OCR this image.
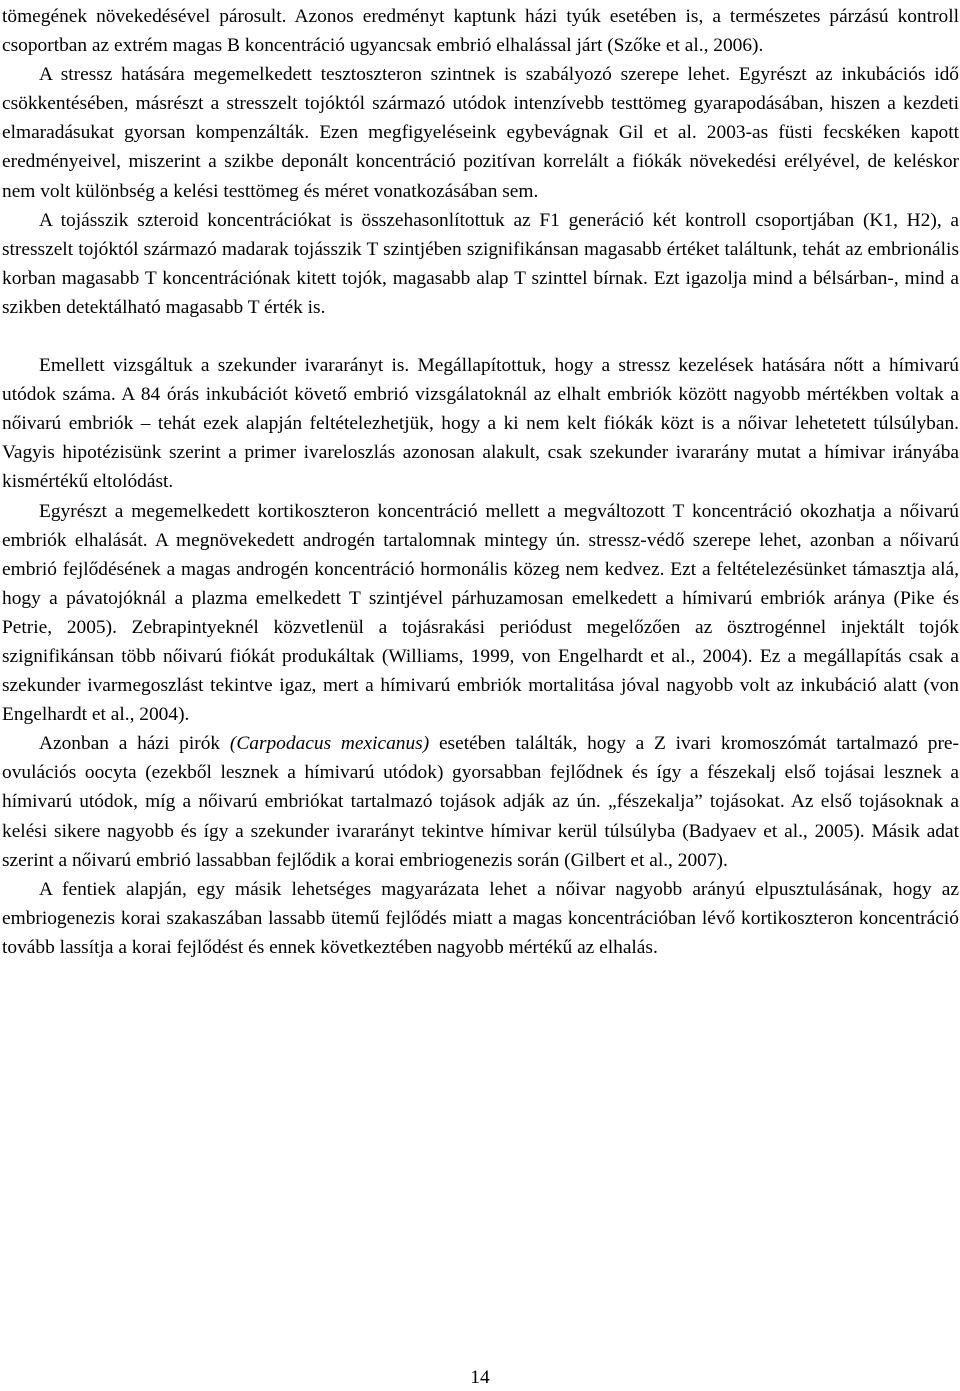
tömegének növekedésével párosult. Azonos eredményt kaptunk házi tyúk esetében is, a természetes párzású kontroll csoportban az extrém magas B koncentráció ugyancsak embrió elhalással járt (Szőke et al., 2006).

A stressz hatására megemelkedett tesztoszteron szintnek is szabályozó szerepe lehet. Egyrészt az inkubációs idő csökkentésében, másrészt a stresszelt tojóktól származó utódok intenzívebb testtömeg gyarapodásában, hiszen a kezdeti elmaradásukat gyorsan kompenzálták. Ezen megfigyeléseink egybevágnak Gil et al. 2003-as füsti fecskéken kapott eredményeivel, miszerint a szikbe deponált koncentráció pozitívan korrelált a fiókák növekedési erélyével, de keléskor nem volt különbség a kelési testtömeg és méret vonatkozásában sem.
A tojásszik szteroid koncentrációkat is összehasonlítottuk az F1 generáció két kontroll csoportjában (K1, H2), a stresszelt tojóktól származó madarak tojásszik T szintjében szignifikánsan magasabb értéket találtunk, tehát az embrionális korban magasabb T koncentrációnak kitett tojók, magasabb alap T szinttel bírnak. Ezt igazolja mind a bélsárban-, mind a szikben detektálható magasabb T érték is.

Emellett vizsgáltuk a szekunder ivararányt is. Megállapítottuk, hogy a stressz kezelések hatására nőtt a hímivarú utódok száma. A 84 órás inkubációt követő embrió vizsgálatoknál az elhalt embriók között nagyobb mértékben voltak a nőivarú embriók – tehát ezek alapján feltételezhetjük, hogy a ki nem kelt fiókák közt is a nőivar lehetetett túlsúlyban. Vagyis hipotézisünk szerint a primer ivareloszlás azonosan alakult, csak szekunder ivararány mutat a hímivar irányába kismértékű eltolódást.

Egyrészt a megemelkedett kortikoszteron koncentráció mellett a megváltozott T koncentráció okozhatja a nőivarú embriók elhalását. A megnövekedett androgén tartalomnak mintegy ún. stressz-védő szerepe lehet, azonban a nőivarú embrió fejlődésének a magas androgén koncentráció hormonális közeg nem kedvez. Ezt a feltételezésünket támasztja alá, hogy a pávatojóknál a plazma emelkedett T szintjével párhuzamosan emelkedett a hímivarú embriók aránya (Pike és Petrie, 2005). Zebrapintyeknél közvetlenül a tojásrakási periódust megelőzően az ösztrogénnel injektált tojók szignifikánsan több nőivarú fiókát produkáltak (Williams, 1999, von Engelhardt et al., 2004). Ez a megállapítás csak a szekunder ivarmegoszlást tekintve igaz, mert a hímivarú embriók mortalitása jóval nagyobb volt az inkubáció alatt (von Engelhardt et al., 2004).

Azonban a házi pirók (Carpodacus mexicanus) esetében találták, hogy a Z ivari kromoszómát tartalmazó pre-ovulációs oocyta (ezekből lesznek a hímivarú utódok) gyorsabban fejlődnek és így a fészekalj első tojásai lesznek a hímivarú utódok, míg a nőivarú embriókat tartalmazó tojások adják az ún. „fészekalja” tojásokat. Az első tojásoknak a kelési sikere nagyobb és így a szekunder ivararányt tekintve hímivar kerül túlsúlyba (Badyaev et al., 2005). Másik adat szerint a nőivarú embrió lassabban fejlődik a korai embriogenezis során (Gilbert et al., 2007).

A fentiek alapján, egy másik lehetséges magyarázata lehet a nőivar nagyobb arányú elpusztulásának, hogy az embriogenezis korai szakaszában lassabb ütemű fejlődés miatt a magas koncentrációban lévő kortikoszteron koncentráció tovább lassítja a korai fejlődést és ennek következtében nagyobb mértékű az elhalás.

14
